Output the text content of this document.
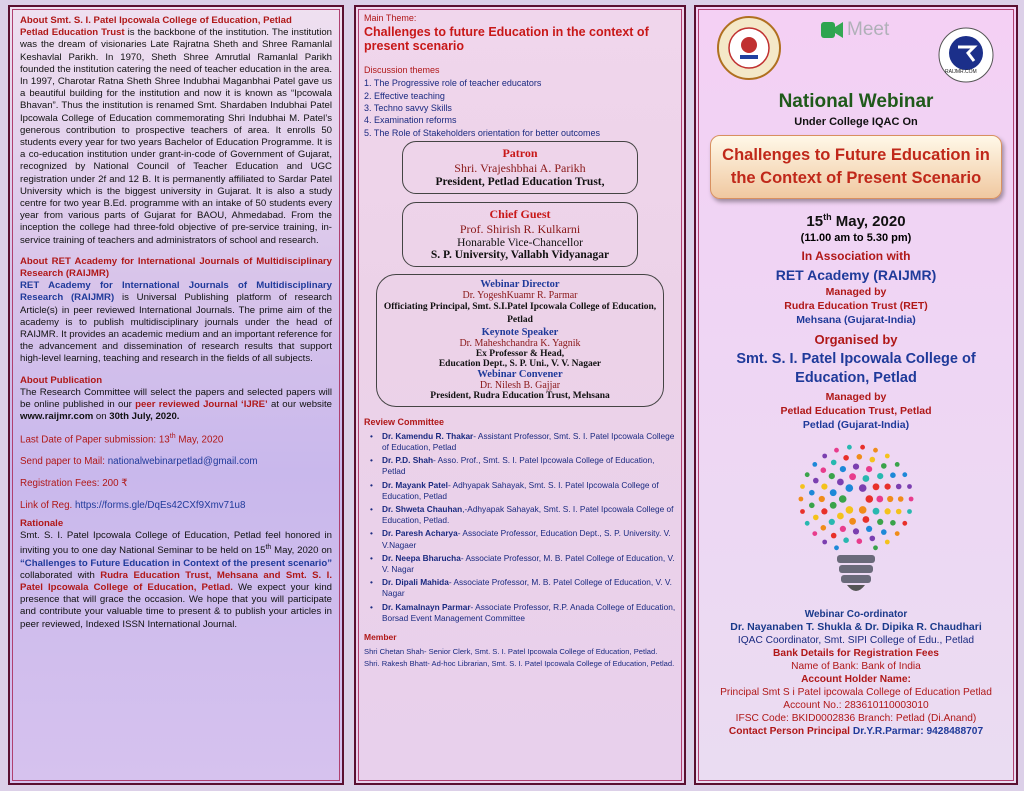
About Smt. S. I. Patel Ipcowala College of Education, Petlad
Petlad Education Trust is the backbone of the institution. The institution was the dream of visionaries Late Rajratna Sheth and Shree Ramanlal Keshavlal Parikh. In 1970, Sheth Shree Amrutlal Ramanlal Parikh founded the institution catering the need of teacher education in the area. In 1997, Charotar Ratna Sheth Shree Indubhai Maganbhai Patel gave us a beautiful building for the institution and now it is known as “Ipcowala Bhavan”. Thus the institution is renamed Smt. Shardaben Indubhai Patel Ipcowala College of Education commemorating Shri Indubhai M. Patel’s generous contribution to prospective teachers of area. It enrolls 50 students every year for two years Bachelor of Education Programme. It is a co-education institution under grant-in-code of Government of Gujarat, recognized by National Council of Teacher Education and UGC registration under 2f and 12 B. It is permanently affiliated to Sardar Patel University which is the biggest university in Gujarat. It is also a study centre for two year B.Ed. programme with an intake of 50 students every year from various parts of Gujarat for BAOU, Ahmedabad. From the inception the college had three-fold objective of pre-service training, in-service training of teachers and administrators of school and research.
About RET Academy for International Journals of Multidisciplinary Research (RAIJMR)
RET Academy for International Journals of Multidisciplinary Research (RAIJMR) is Universal Publishing platform of research Article(s) in peer reviewed International Journals. The prime aim of the academy is to publish multidisciplinary journals under the head of RAIJMR. It provides an academic medium and an important reference for the advancement and dissemination of research results that support high-level learning, teaching and research in the fields of all subjects.
About Publication
The Research Committee will select the papers and selected papers will be online published in our peer reviewed Journal ‘IJRE’ at our website www.raijmr.com on 30th July, 2020.

Last Date of Paper submission: 13th May, 2020

Send paper to Mail: nationalwebinarpetlad@gmail.com

Registration Fees: 200 ₹

Link of Reg. https://forms.gle/DqEs42CXf9Xmv71u8

Rationale
Smt. S. I. Patel Ipcowala College of Education, Petlad feel honored in inviting you to one day National Seminar to be held on 15th May, 2020 on “Challenges to Future Education in Context of the present scenario” collaborated with Rudra Education Trust, Mehsana and Smt. S. I. Patel Ipcowala College of Education, Petlad. We expect your kind presence that will grace the occasion. We hope that you will participate and contribute your valuable time to present & to publish your articles in peer reviewed, Indexed ISSN International Journal.
Main Theme:
Challenges to future Education in the context of present scenario
Discussion themes
1. The Progressive role of teacher educators
2. Effective teaching
3. Techno savvy Skills
4. Examination reforms
5. The Role of Stakeholders orientation for better outcomes
Patron
Shri. Vrajeshbhai A. Parikh
President, Petlad Education Trust,
Chief Guest
Prof. Shirish R. Kulkarni
Honarable Vice-Chancellor
S. P. University, Vallabh Vidyanagar
Webinar Director
Dr. YogeshKuamr R. Parmar
Officiating Principal, Smt. S.I.Patel Ipcowala College of Education, Petlad
Keynote Speaker
Dr. Maheshchandra K. Yagnik
Ex Professor & Head,
Education Dept., S. P. Uni., V. V. Nagaer
Webinar Convener
Dr. Nilesh B. Gajjar
President, Rudra Education Trust, Mehsana
Review Committee
• Dr. Kamendu R. Thakar- Assistant Professor, Smt. S. I. Patel Ipcowala College of Education, Petlad
• Dr. P.D. Shah- Asso. Prof., Smt. S. I. Patel Ipcowala College of Education, Petlad
• Dr. Mayank Patel- Adhyapak Sahayak, Smt. S. I. Patel Ipcowala College of Education, Petlad
• Dr. Shweta Chauhan,-Adhyapak Sahayak, Smt. S. I. Patel Ipcowala College of Education, Petlad.
• Dr. Paresh Acharya- Associate Professor, Education Dept., S. P. University. V. V.Nagaer
• Dr. Neepa Bharucha- Associate Professor, M. B. Patel College of Education, V. V. Nagar
• Dr. Dipali Mahida- Associate Professor, M. B. Patel College of Education, V. V. Nagar
• Dr. Kamalnayn Parmar- Associate Professor, R.P. Anada College of Education, Borsad Event Management Committee
Member
Shri Chetan Shah- Senior Clerk, Smt. S. I. Patel Ipcowala College of Education, Petlad.
Shri. Rakesh Bhatt- Ad-hoc Librarian, Smt. S. I. Patel Ipcowala College of Education, Petlad.
Meet
RAIJMR.COM
National Webinar
Under College IQAC On
Challenges to Future Education in
the Context of Present Scenario
15th May, 2020
(11.00 am to 5.30 pm)
In Association with
RET Academy (RAIJMR)
Managed by
Rudra Education Trust (RET)
Mehsana (Gujarat-India)
Organised by
Smt. S. I. Patel Ipcowala College of
Education, Petlad
Managed by
Petlad Education Trust, Petlad
Petlad (Gujarat-India)
Webinar Co-ordinator
Dr. Nayanaben T. Shukla & Dr. Dipika R. Chaudhari
IQAC Coordinator, Smt. SIPI College of Edu., Petlad
Bank Details for Registration Fees
Name of Bank: Bank of India
Account Holder Name:
Principal Smt S i Patel ipcowala College of Education Petlad
Account No.: 283610110003010
IFSC Code: BKID0002836 Branch: Petlad (Di.Anand)
Contact Person Principal Dr.Y.R.Parmar: 9428488707
